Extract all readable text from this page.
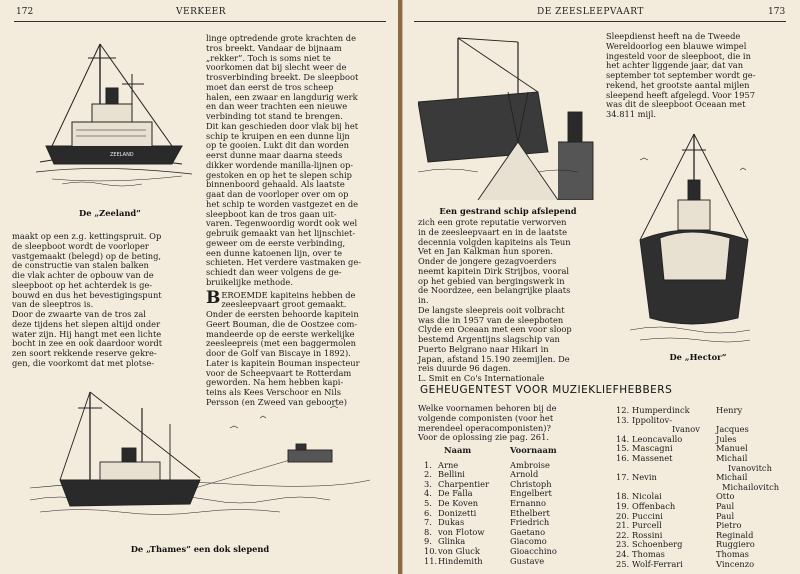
172	VERKEER
ZEELAND
De „Zeeland”

maakt op een z.g. kettingspruit. Op

de sleepboot wordt de voorloper

vastgemaakt (belegd) op de beting,

de constructie van stalen balken

die vlak achter de opbouw van de

sleepboot op het achterdek is ge-

bouwd en dus het bevestigingspunt

van de sleeptros is.

Door de zwaarte van de tros zal

deze tijdens het slepen altijd onder

water zijn. Hij hangt met een lichte

bocht in zee en ook daardoor wordt

zen soort rekkende reserve gekre-

gen, die voorkomt dat met plotse-

linge optredende grote krachten de

tros breekt. Vandaar de bijnaam

„rekker”. Toch is soms niet te

voorkomen dat bij slecht weer de

trosverbinding breekt. De sleepboot

moet dan eerst de tros scheep

halen, een zwaar en langdurig werk

en dan weer trachten een nieuwe

verbinding tot stand te brengen.

Dit kan geschieden door vlak bij het

schip te kruipen en een dunne lijn

op te gooien. Lukt dit dan worden

eerst dunne maar daarna steeds

dikker wordende manilla-lijnen op-

gestoken en op het te slepen schip

binnenboord gehaald. Als laatste

gaat dan de voorloper over om op

het schip te worden vastgezet en de

sleepboot kan de tros gaan uit-

varen. Tegenwoordig wordt ook wel

gebruik gemaakt van het lijnschiet-

geweer om de eerste verbinding,

een dunne katoenen lijn, over te

schieten. Het verdere vastmaken ge-

schiedt dan weer volgens de ge-

bruikelijke methode.

BEROEMDE kapiteins hebben de

zeesleepvaart groot gemaakt.

Onder de eersten behoorde kapitein

Geert Bouman, die de Oostzee com-

mandeerde op de eerste werkelijke

zeesleepreis (met een baggermolen

door de Golf van Biscaye in 1892).

Later is kapitein Bouman inspecteur

voor de Scheepvaart te Rotterdam

geworden. Na hem hebben kapi-

teins als Kees Verschoor en Nils

Persson (en Zweed van geboorte)

De „Thames” een dok slepend
DE ZEESLEEPVAART	173
Een gestrand schip afslepend

zich een grote reputatie verworven

in de zeesleepvaart en in de laatste

decennia volgden kapiteins als Teun

Vet en Jan Kalkman hun sporen.

Onder de jongere gezagvoerders

neemt kapitein Dirk Strijbos, vooral

op het gebied van bergingswerk in

de Noordzee, een belangrijke plaats

in.

De langste sleepreis ooit volbracht

was die in 1957 van de sleepboten

Clyde en Oceaan met een voor sloop

bestemd Argentijns slagschip van

Puerto Belgrano naar Hikari in

Japan, afstand 15.190 zeemijlen. De

reis duurde 96 dagen.

L. Smit en Co's Internationale

Sleepdienst heeft na de Tweede

Wereldoorlog een blauwe wimpel

ingesteld voor de sleepboot, die in

het achter liggende jaar, dat van

september tot september wordt ge-

rekend, het grootste aantal mijlen

sleepend heeft afgelegd. Voor 1957

was dit de sleepboot Oceaan met

34.811 mijl.

De „Hector”
GEHEUGENTEST VOOR MUZIEKLIEFHEBBERS

Welke voornamen behoren bij de

volgende componisten (voor het

merendeel operacomponisten)?

Voor de oplossing zie pag. 261.

Naam	Voornaam
1. Arne	Ambroise
2. Bellini	Arnold
3. Charpentier	Christoph
4. De Falla	Engelbert
5. De Koven	Ernanno
6. Donizetti	Ethelbert
7. Dukas	Friedrich
8. von Flotow	Gaetano
9. Glinka	Giacomo
10. von Gluck	Gioacchino
11. Hindemith	Gustave
12. Humperdinck	Henry
13. Ippolitov-
Ivanov	Jacques
14. Leoncavallo	Jules
15. Mascagni	Manuel
16. Massenet	Michail
Ivanovitch
17. Nevin	Michail
Michailovitch
18. Nicolai	Otto
19. Offenbach	Paul
20. Puccini	Paul
21. Purcell	Pietro
22. Rossini	Reginald
23. Schoenberg	Ruggiero
24. Thomas	Thomas
25. Wolf-Ferrari	Vincenzo
